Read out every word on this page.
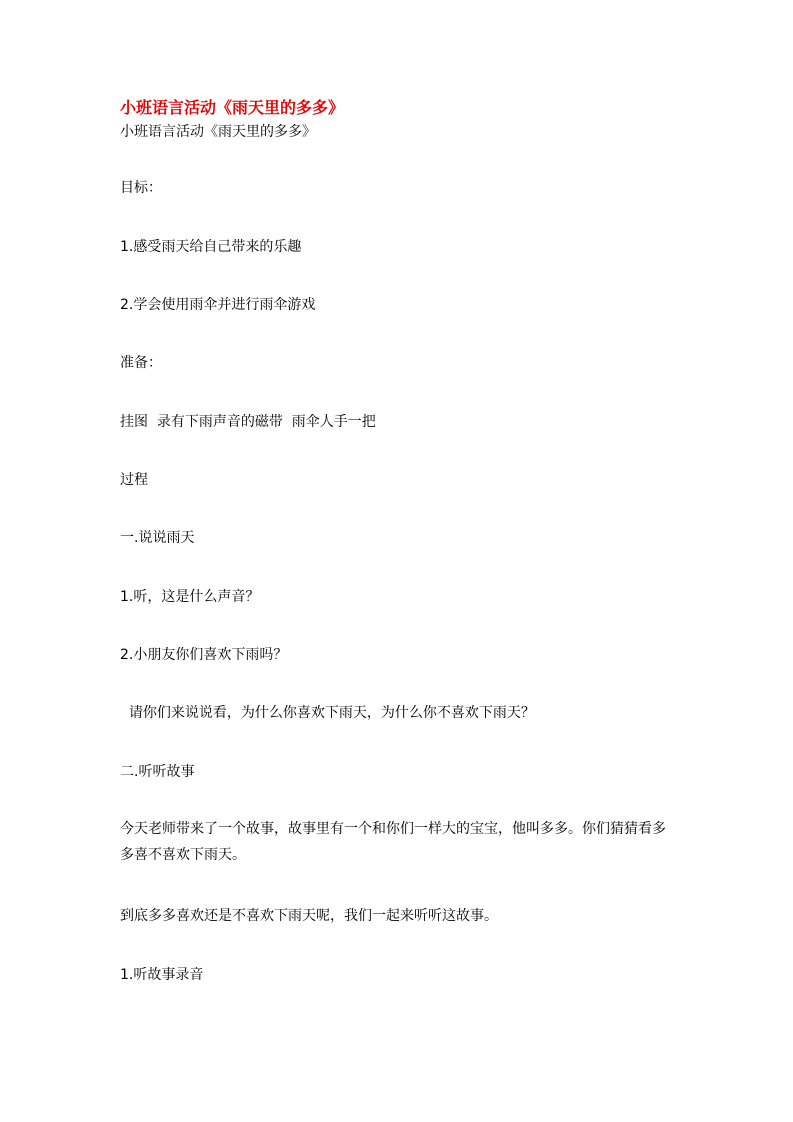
小班语言活动《雨天里的多多》
小班语言活动《雨天里的多多》
目标：
1.感受雨天给自己带来的乐趣
2.学会使用雨伞并进行雨伞游戏
准备：
挂图  录有下雨声音的磁带  雨伞人手一把
过程
一.说说雨天
1.听，这是什么声音？
2.小朋友你们喜欢下雨吗？
请你们来说说看，为什么你喜欢下雨天，为什么你不喜欢下雨天？
二.听听故事
今天老师带来了一个故事，故事里有一个和你们一样大的宝宝，他叫多多。你们猜猜看多多喜不喜欢下雨天。
到底多多喜欢还是不喜欢下雨天呢，我们一起来听听这故事。
1.听故事录音
